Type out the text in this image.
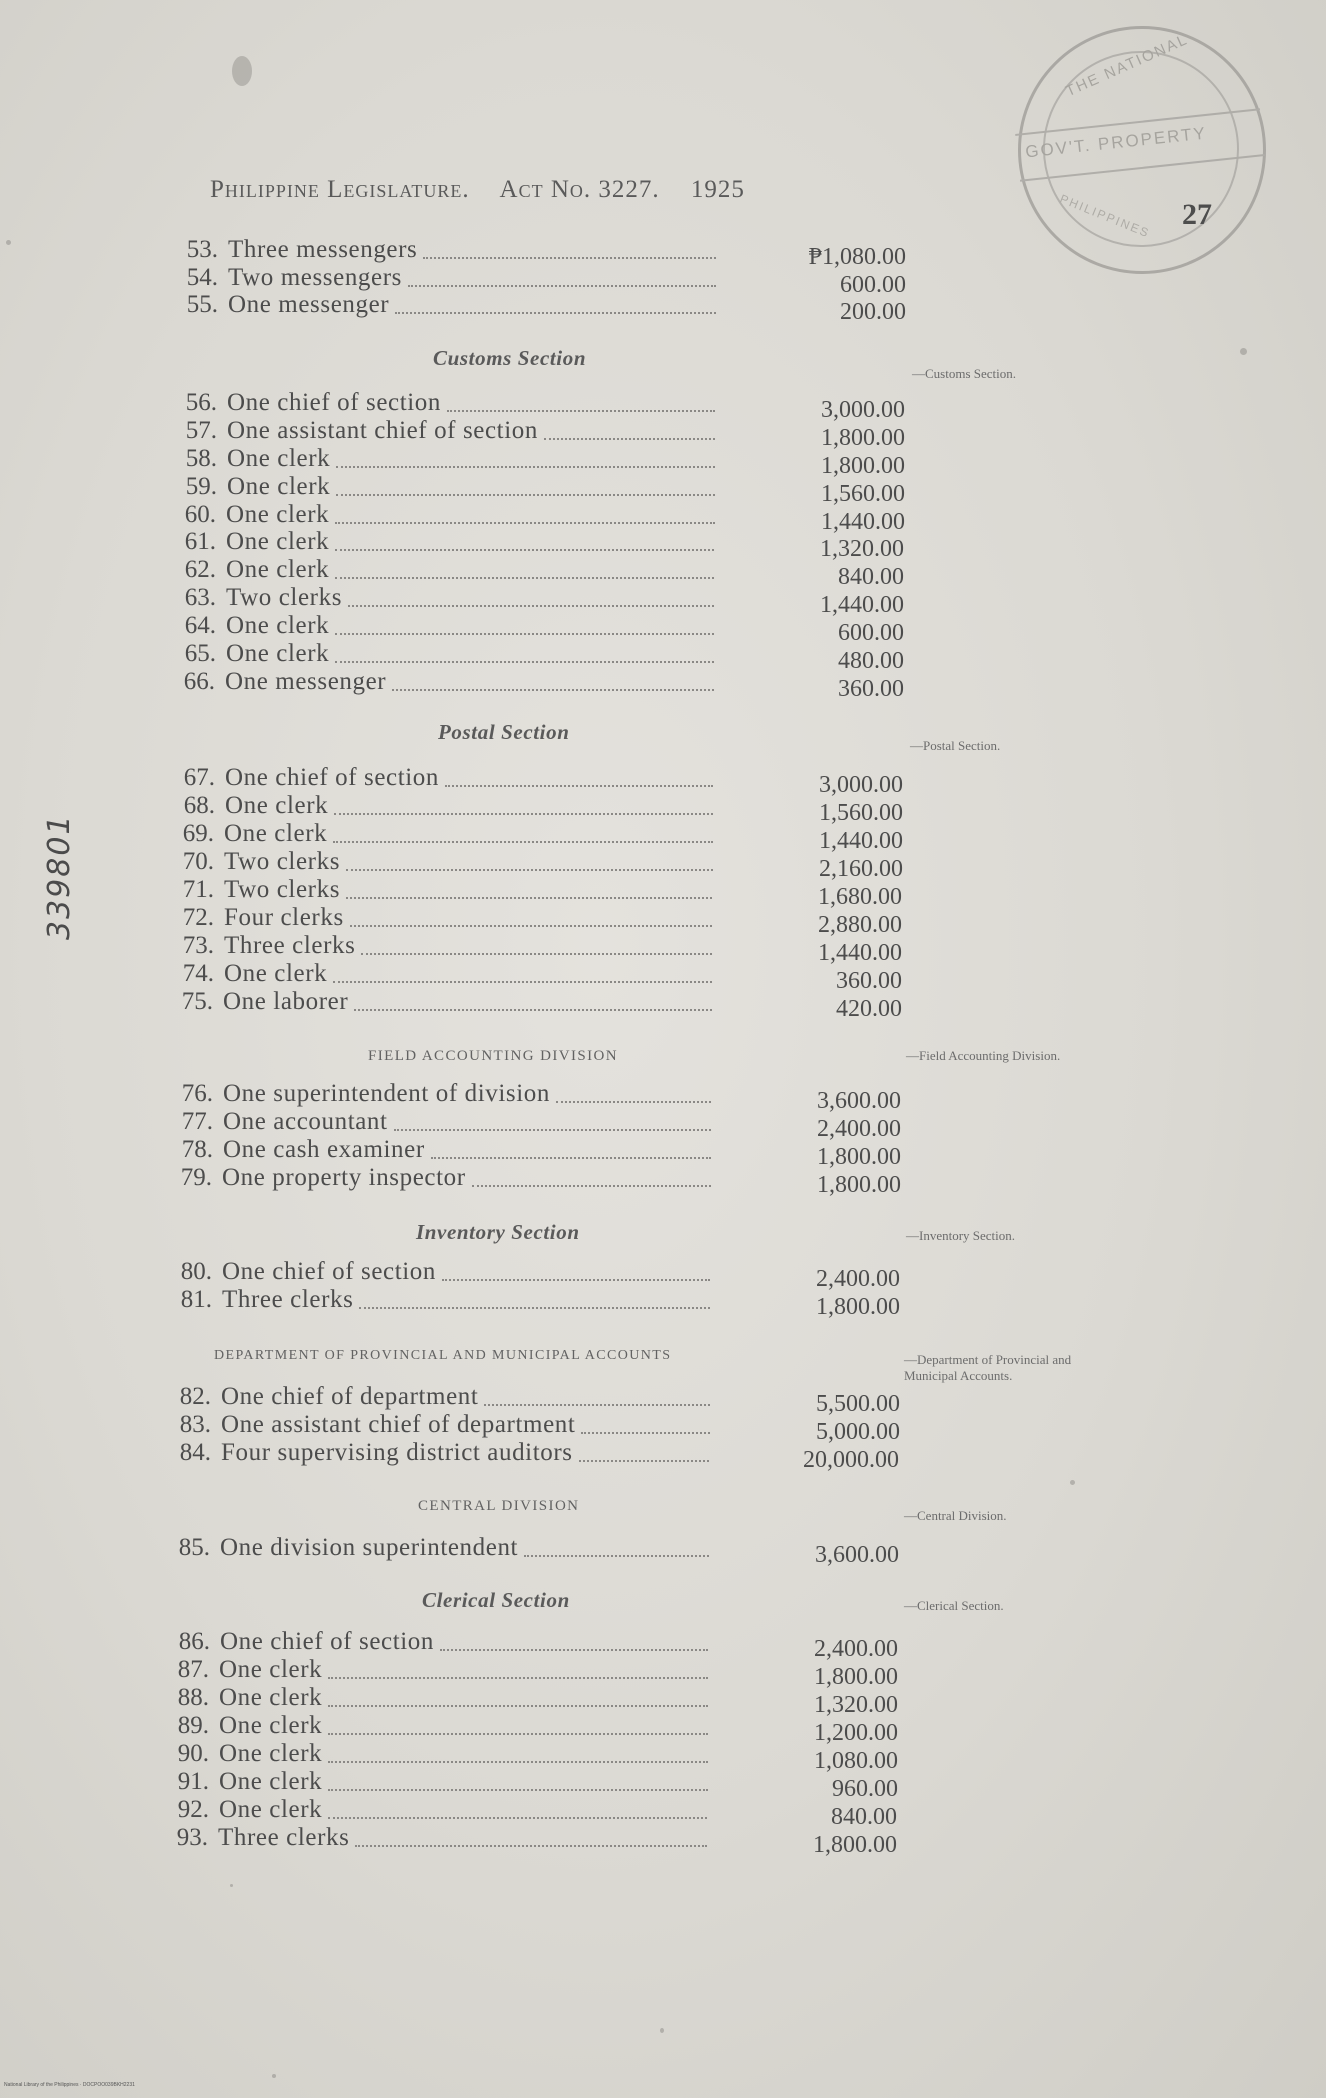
THE NATIONAL
GOV'T. PROPERTY
PHILIPPINES
Philippine Legislature. Act No. 3227. 1925
27
339801
53. Three messengers	₱1,080.00
54. Two messengers	600.00
55. One messenger	200.00
56. One chief of section	3,000.00
57. One assistant chief of section	1,800.00
58. One clerk	1,800.00
59. One clerk	1,560.00
60. One clerk	1,440.00
61. One clerk	1,320.00
62. One clerk	840.00
63. Two clerks	1,440.00
64. One clerk	600.00
65. One clerk	480.00
66. One messenger	360.00
67. One chief of section	3,000.00
68. One clerk	1,560.00
69. One clerk	1,440.00
70. Two clerks	2,160.00
71. Two clerks	1,680.00
72. Four clerks	2,880.00
73. Three clerks	1,440.00
74. One clerk	360.00
75. One laborer	420.00
76. One superintendent of division	3,600.00
77. One accountant	2,400.00
78. One cash examiner	1,800.00
79. One property inspector	1,800.00
80. One chief of section	2,400.00
81. Three clerks	1,800.00
82. One chief of department	5,500.00
83. One assistant chief of department	5,000.00
84. Four supervising district auditors	20,000.00
85. One division superintendent	3,600.00
86. One chief of section	2,400.00
87. One clerk	1,800.00
88. One clerk	1,320.00
89. One clerk	1,200.00
90. One clerk	1,080.00
91. One clerk	960.00
92. One clerk	840.00
93. Three clerks	1,800.00
Customs Section
Postal Section
FIELD ACCOUNTING DIVISION
Inventory Section
DEPARTMENT OF PROVINCIAL AND MUNICIPAL ACCOUNTS
CENTRAL DIVISION
Clerical Section
—Customs Section.
—Postal Section.
—Field Accounting Division.
—Inventory Section.
—Department of Provincial and Municipal Accounts.
—Central Division.
—Clerical Section.
National Library of the Philippines · DOCPOO039BKH2231
